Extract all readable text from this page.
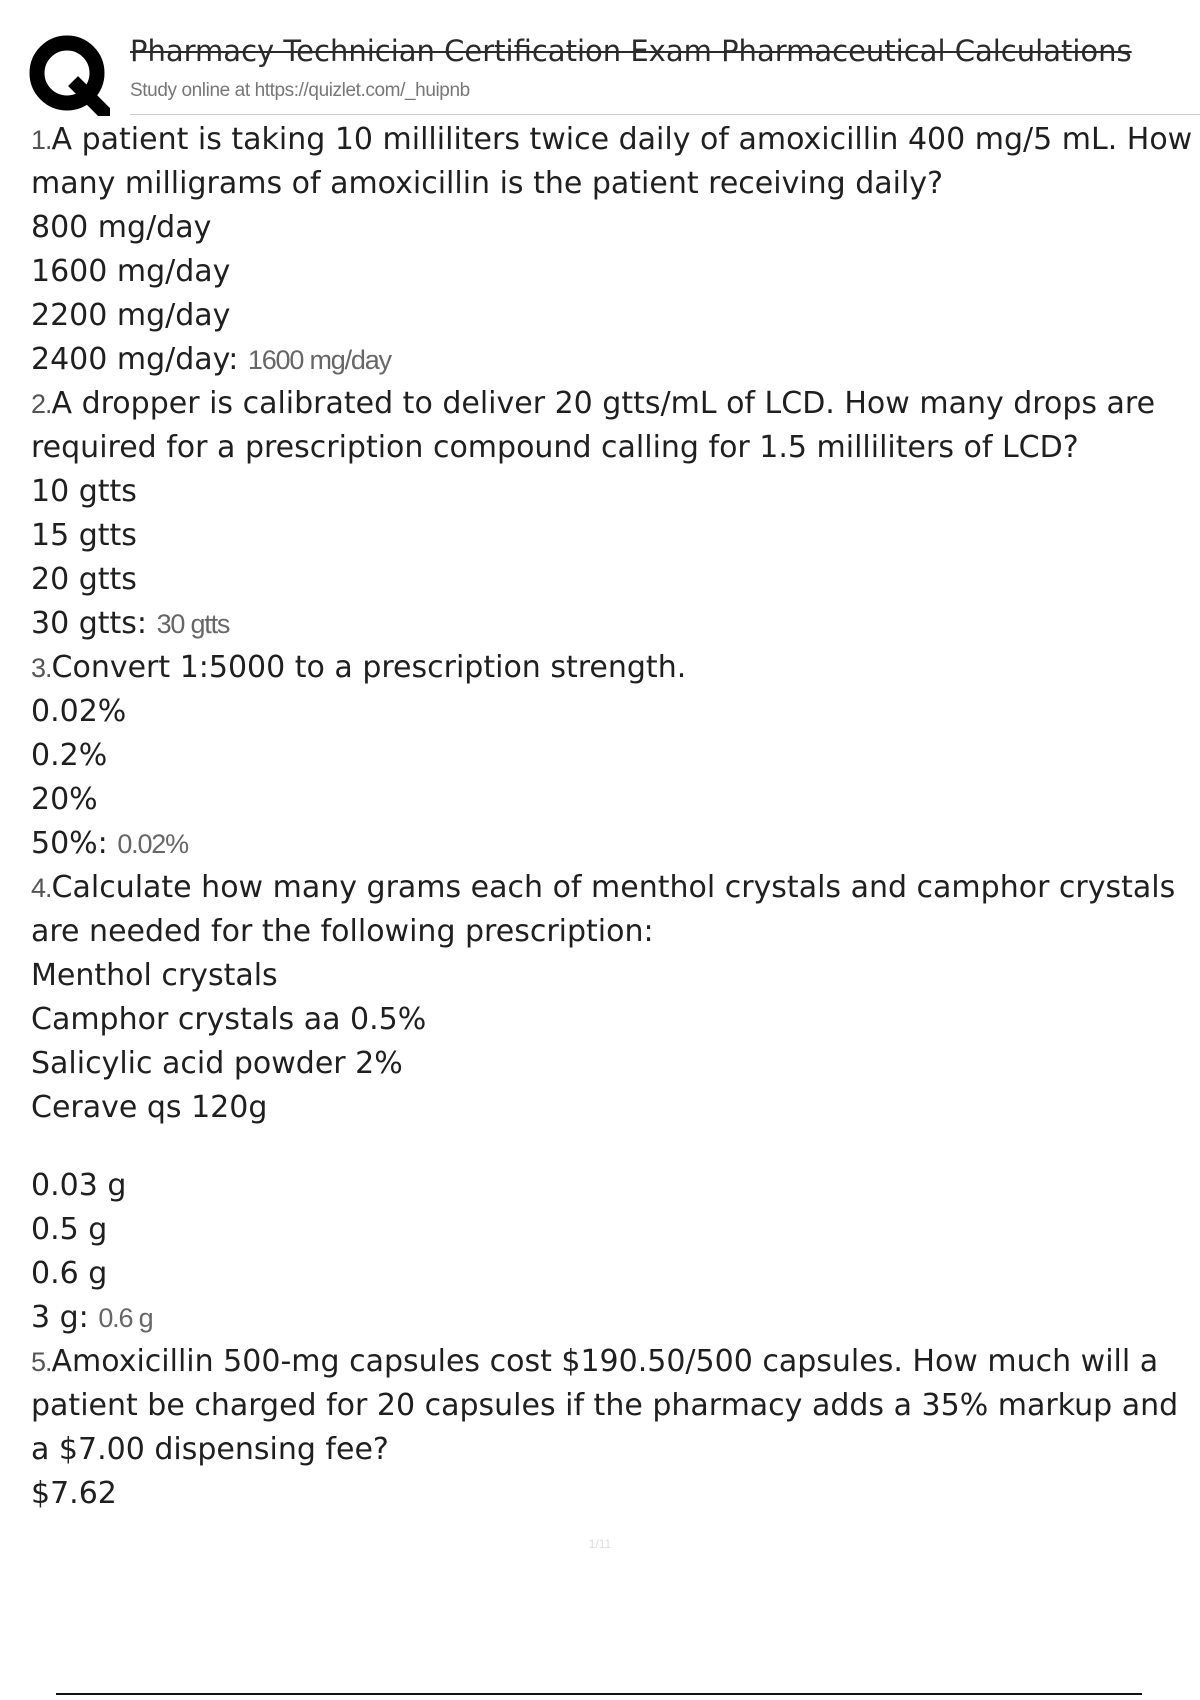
Pharmacy Technician Certification Exam Pharmaceutical Calculations
Study online at https://quizlet.com/_huipnb
1.A patient is taking 10 milliliters twice daily of amoxicillin 400 mg/5 mL. How many milligrams of amoxicillin is the patient receiving daily?
800 mg/day
1600 mg/day
2200 mg/day
2400 mg/day: 1600 mg/day
2.A dropper is calibrated to deliver 20 gtts/mL of LCD. How many drops are required for a prescription compound calling for 1.5 milliliters of LCD?
10 gtts
15 gtts
20 gtts
30 gtts: 30 gtts
3.Convert 1:5000 to a prescription strength.
0.02%
0.2%
20%
50%: 0.02%
4.Calculate how many grams each of menthol crystals and camphor crystals are needed for the following prescription:
Menthol crystals
Camphor crystals aa 0.5%
Salicylic acid powder 2%
Cerave qs 120g
0.03 g
0.5 g
0.6 g
3 g: 0.6 g
5.Amoxicillin 500-mg capsules cost $190.50/500 capsules. How much will a patient be charged for 20 capsules if the pharmacy adds a 35% markup and a $7.00 dispensing fee?
$7.62
1/11
